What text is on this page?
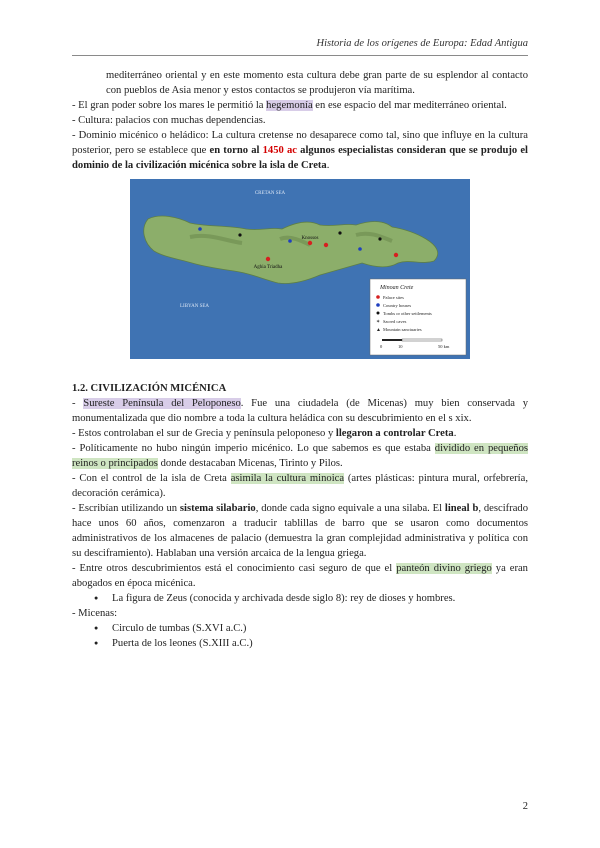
Historia de los orígenes de Europa: Edad Antigua

mediterráneo oriental y en este momento esta cultura debe gran parte de su esplendor al contacto con pueblos de Asia menor y estos contactos se produjeron vía marítima.

- El gran poder sobre los mares le permitió la hegemonía en ese espacio del mar mediterráneo oriental.

- Cultura: palacios con muchas dependencias.

- Dominio micénico o heládico: La cultura cretense no desaparece como tal, sino que influye en la cultura posterior, pero se establece que en torno al 1450 ac algunos especialistas consideran que se produjo el dominio de la civilización micénica sobre la isla de Creta.

CRETAN SEA
LIBYAN SEA
Knossos
Aghia Triadha
Minoan Crete
Palace sites
Country houses
Tombs or other settlements
✶ Sacred caves
▲ Mountain sanctuaries
0	10	50 km
1.2. CIVILIZACIÓN MICÉNICA

- Sureste Península del Peloponeso. Fue una ciudadela (de Micenas) muy bien conservada y monumentalizada que dio nombre a toda la cultura heládica con su descubrimiento en el s xix.

- Estos controlaban el sur de Grecia y península peloponeso y llegaron a controlar Creta.

- Políticamente no hubo ningún imperio micénico. Lo que sabemos es que estaba dividido en pequeños reinos o principados donde destacaban Micenas, Tirinto y Pilos.

- Con el control de la isla de Creta asimila la cultura minoica (artes plásticas: pintura mural, orfebrería, decoración cerámica).

- Escribían utilizando un sistema silabario, donde cada signo equivale a una silaba. El lineal b, descifrado hace unos 60 años, comenzaron a traducir tablillas de barro que se usaron como documentos administrativos de los almacenes de palacio (demuestra la gran complejidad administrativa y política con su desciframiento). Hablaban una versión arcaica de la lengua griega.

- Entre otros descubrimientos está el conocimiento casi seguro de que el panteón divino griego ya eran abogados en época micénica.

● La figura de Zeus (conocida y archivada desde siglo 8): rey de dioses y hombres.

- Micenas:

● Circulo de tumbas (S.XVI a.C.)
● Puerta de los leones (S.XIII a.C.)
2
